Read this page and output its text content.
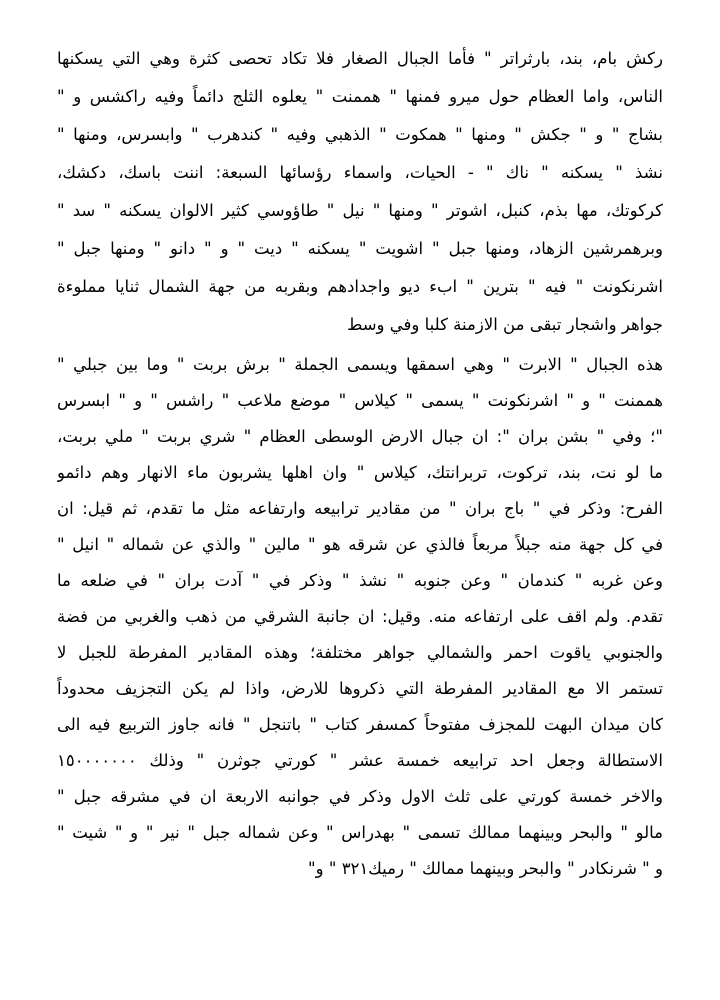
ركش بام، بند، بارثراتر " فأما الجبال الصغار فلا تكاد تحصى كثرة وهي التي يسكنها
الناس، واما العظام حول ميرو فمنها " هممنت " يعلوه الثلج دائماً وفيه راكشس و "
بشاج " و " جكش " ومنها " همكوت " الذهبي وفيه " كندهرب " وابسرس، ومنها "
نشذ " يسكنه " ناك " - الحيات، واسماء رؤسائها السبعة: اننت باسك، دكشك،
كركوتك، مها بذم، كنبل، اشوتر " ومنها " نيل " طاؤوسي كثير الالوان يسكنه " سد "
وبرهمرشين الزهاد، ومنها جبل " اشويت " يسكنه " ديت " و " دانو " ومنها جبل "
اشرنكونت " فيه " بترين " ابء ديو واجدادهم وبقربه من جهة الشمال ثنايا مملوءة
جواهر واشجار تبقى من الازمنة كلبا وفي وسط
هذه الجبال " الابرت " وهي اسمقها ويسمى الجملة " برش بربت " وما بين جبلي "
هممنت " و " اشرنكونت " يسمى " كيلاس " موضع ملاعب " راشس " و " ابسرس
"؛ وفي " بشن بران ": ان جبال الارض الوسطى العظام " شري بربت " ملي بربت،
ما لو نت، بند، تركوت، تربرانتك، كيلاس " وان اهلها يشربون ماء الانهار وهم دائمو
الفرح: وذكر في " باج بران " من مقادير ترابيعه وارتفاعه مثل ما تقدم، ثم قيل: ان
في كل جهة منه جبلاً مربعاً فالذي عن شرقه هو " مالين " والذي عن شماله " انيل "
وعن غربه " كندمان " وعن جنوبه " نشذ " وذكر في " آدت بران " في ضلعه ما
تقدم. ولم اقف على ارتفاعه منه. وقيل: ان جانبة الشرقي من ذهب والغربي من فضة
والجنوبي ياقوت احمر والشمالي جواهر مختلفة؛ وهذه المقادير المفرطة للجبل لا
تستمر الا مع المقادير المفرطة التي ذكروها للارض، واذا لم يكن التجزيف محدوداً
كان ميدان البهت للمجزف مفتوحاً كمسفر كتاب " باتنجل " فانه جاوز التربيع فيه الى
الاستطالة وجعل احد ترابيعه خمسة عشر " كورتي جوثرن " وذلك ١٥٠٠٠٠٠٠٠
والاخر خمسة كورتي على ثلث الاول وذكر في جوانبه الاربعة ان في مشرقه جبل "
مالو " والبحر وبينهما ممالك تسمى " بهدراس " وعن شماله جبل " نير " و " شيت "
و " شرنكادر " والبحر وبينهما ممالك " رميك٣٢١ " و"
